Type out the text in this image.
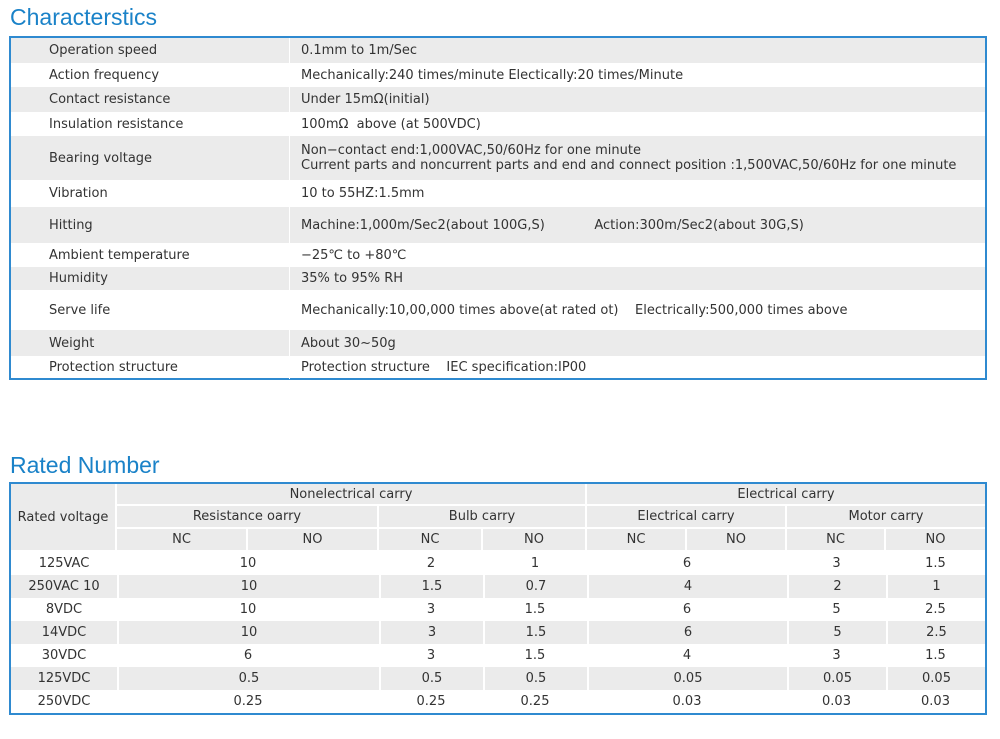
Characterstics
Operation speed	0.1mm to 1m/Sec
Action frequency	Mechanically:240 times/minute Electically:20 times/Minute
Contact resistance	Under 15mΩ(initial)
Insulation resistance	100mΩ  above (at 500VDC)
Bearing voltage	Non−contact end:1,000VAC,50/60Hz for one minute
Current parts and noncurrent parts and end and connect position :1,500VAC,50/60Hz for one minute
Vibration	10 to 55HZ:1.5mm
Hitting	Machine:1,000m/Sec2(about 100G,S)            Action:300m/Sec2(about 30G,S)
Ambient temperature	−25℃ to +80℃
Humidity	35% to 95% RH
Serve life	Mechanically:10,00,000 times above(at rated ot)    Electrically:500,000 times above
Weight	About 30~50g
Protection structure	Protection structure    IEC specification:IP00
Rated Number
Rated voltage
Nonelectrical carry	Electrical carry
Resistance oarry	Bulb carry	Electrical carry	Motor carry
NC	NO	NC	NO	NC	NO	NC	NO
125VAC	10	2	1	6	3	1.5
250VAC 10	10	1.5	0.7	4	2	1
8VDC	10	3	1.5	6	5	2.5
14VDC	10	3	1.5	6	5	2.5
30VDC	6	3	1.5	4	3	1.5
125VDC	0.5	0.5	0.5	0.05	0.05	0.05
250VDC	0.25	0.25	0.25	0.03	0.03	0.03
